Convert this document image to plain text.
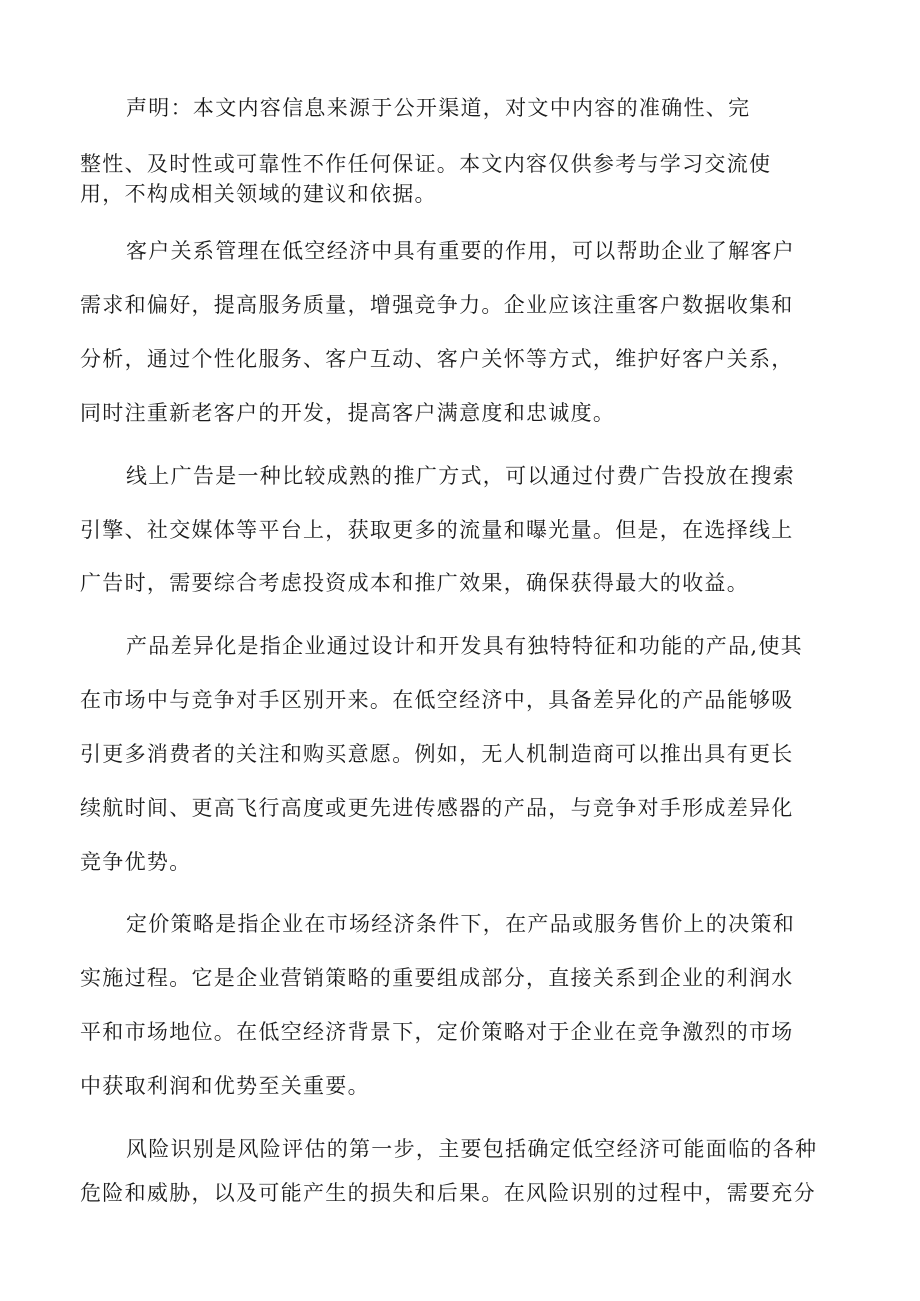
声明：本文内容信息来源于公开渠道，对文中内容的准确性、完
整性、及时性或可靠性不作任何保证。本文内容仅供参考与学习交流使
用，不构成相关领域的建议和依据。
客户关系管理在低空经济中具有重要的作用，可以帮助企业了解客户
需求和偏好，提高服务质量，增强竞争力。企业应该注重客户数据收集和
分析，通过个性化服务、客户互动、客户关怀等方式，维护好客户关系，
同时注重新老客户的开发，提高客户满意度和忠诚度。
线上广告是一种比较成熟的推广方式，可以通过付费广告投放在搜索
引擎、社交媒体等平台上，获取更多的流量和曝光量。但是，在选择线上
广告时，需要综合考虑投资成本和推广效果，确保获得最大的收益。
产品差异化是指企业通过设计和开发具有独特特征和功能的产品,使其
在市场中与竞争对手区别开来。在低空经济中，具备差异化的产品能够吸
引更多消费者的关注和购买意愿。例如，无人机制造商可以推出具有更长
续航时间、更高飞行高度或更先进传感器的产品，与竞争对手形成差异化
竞争优势。
定价策略是指企业在市场经济条件下，在产品或服务售价上的决策和
实施过程。它是企业营销策略的重要组成部分，直接关系到企业的利润水
平和市场地位。在低空经济背景下，定价策略对于企业在竞争激烈的市场
中获取利润和优势至关重要。
风险识别是风险评估的第一步，主要包括确定低空经济可能面临的各种
危险和威胁，以及可能产生的损失和后果。在风险识别的过程中，需要充分
